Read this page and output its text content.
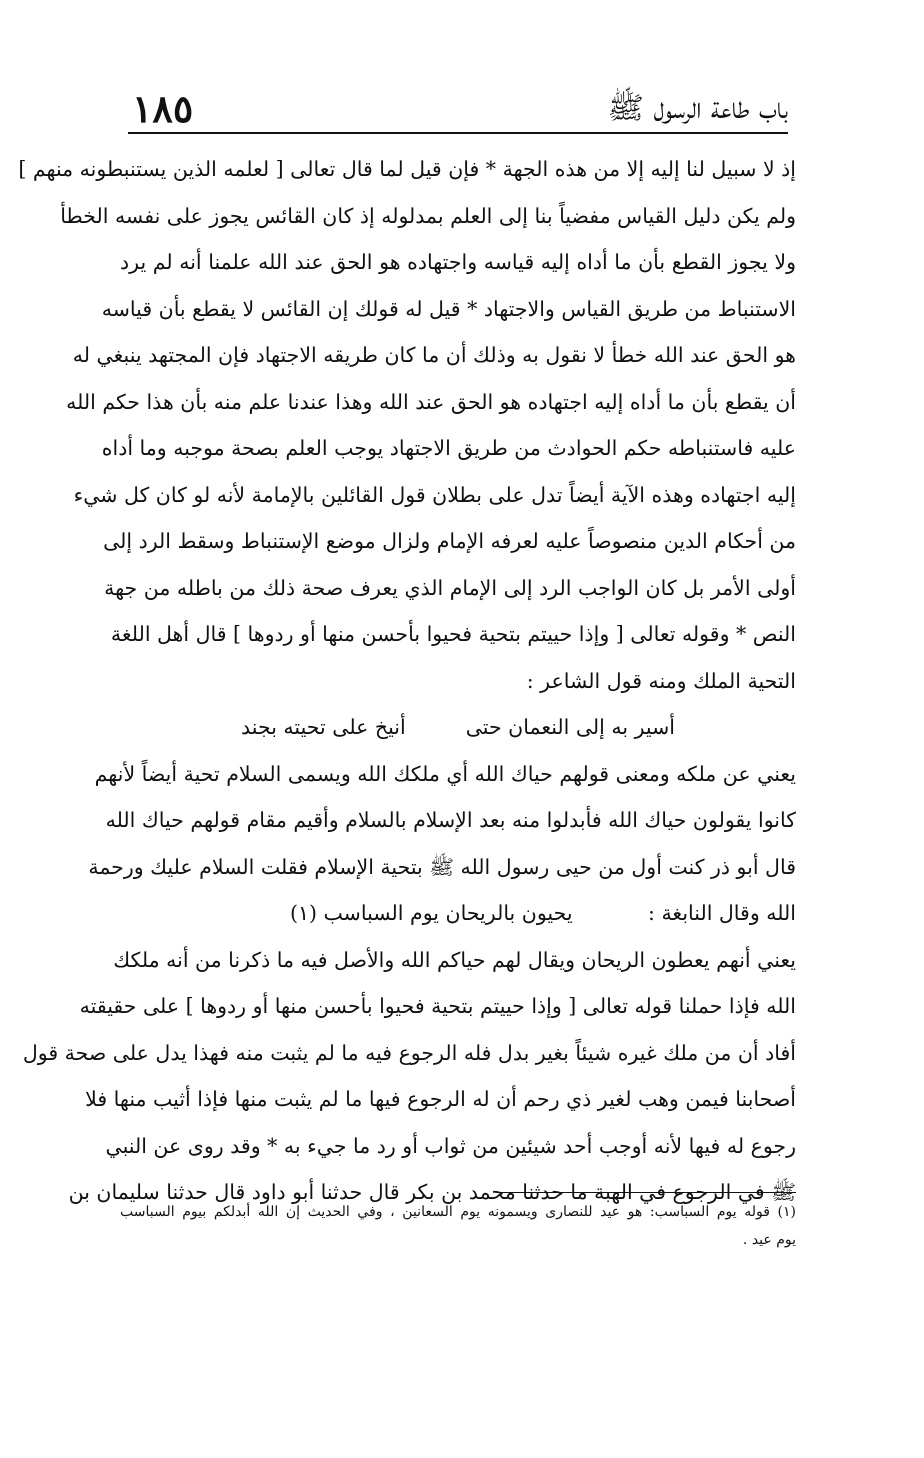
١٨٥	باب طاعة الرسول ﷺ
إذ لا سبيل لنا إليه إلا من هذه الجهة * فإن قيل لما قال تعالى [ لعلمه الذين يستنبطونه منهم ]
ولم يكن دليل القياس مفضياً بنا إلى العلم بمدلوله إذ كان القائس يجوز على نفسه الخطأ
ولا يجوز القطع بأن ما أداه إليه قياسه واجتهاده هو الحق عند الله علمنا أنه لم يرد
الاستنباط من طريق القياس والاجتهاد * قيل له قولك إن القائس لا يقطع بأن قياسه
هو الحق عند الله خطأ لا نقول به وذلك أن ما كان طريقه الاجتهاد فإن المجتهد ينبغي له
أن يقطع بأن ما أداه إليه اجتهاده هو الحق عند الله وهذا عندنا علم منه بأن هذا حكم الله
عليه فاستنباطه حكم الحوادث من طريق الاجتهاد يوجب العلم بصحة موجبه وما أداه
إليه اجتهاده وهذه الآية أيضاً تدل على بطلان قول القائلين بالإمامة لأنه لو كان كل شيء
من أحكام الدين منصوصاً عليه لعرفه الإمام ولزال موضع الإستنباط وسقط الرد إلى
أولى الأمر بل كان الواجب الرد إلى الإمام الذي يعرف صحة ذلك من باطله من جهة
النص * وقوله تعالى [ وإذا حييتم بتحية فحيوا بأحسن منها أو ردوها ] قال أهل اللغة
التحية الملك ومنه قول الشاعر :
أسير به إلى النعمان حتى
أنيخ على تحيته بجند
يعني عن ملكه ومعنى قولهم حياك الله أي ملكك الله ويسمى السلام تحية أيضاً لأنهم
كانوا يقولون حياك الله فأبدلوا منه بعد الإسلام بالسلام وأقيم مقام قولهم حياك الله
قال أبو ذر كنت أول من حيى رسول الله ﷺ بتحية الإسلام فقلت السلام عليك ورحمة
الله وقال النابغة :
يحيون بالريحان يوم السباسب (١)
يعني أنهم يعطون الريحان ويقال لهم حياكم الله والأصل فيه ما ذكرنا من أنه ملكك
الله فإذا حملنا قوله تعالى [ وإذا حييتم بتحية فحيوا بأحسن منها أو ردوها ] على حقيقته
أفاد أن من ملك غيره شيئاً بغير بدل فله الرجوع فيه ما لم يثبت منه فهذا يدل على صحة قول
أصحابنا فيمن وهب لغير ذي رحم أن له الرجوع فيها ما لم يثبت منها فإذا أثيب منها فلا
رجوع له فيها لأنه أوجب أحد شيئين من ثواب أو رد ما جيء به * وقد روى عن النبي
ﷺ في الرجوع في الهبة ما حدثنا محمد بن بكر قال حدثنا أبو داود قال حدثنا سليمان بن
(١) قوله يوم السباسب: هو عيد للنصارى ويسمونه يوم السعانين ، وفي الحديث إن الله أبدلكم بيوم السباسب
يوم عيد .
